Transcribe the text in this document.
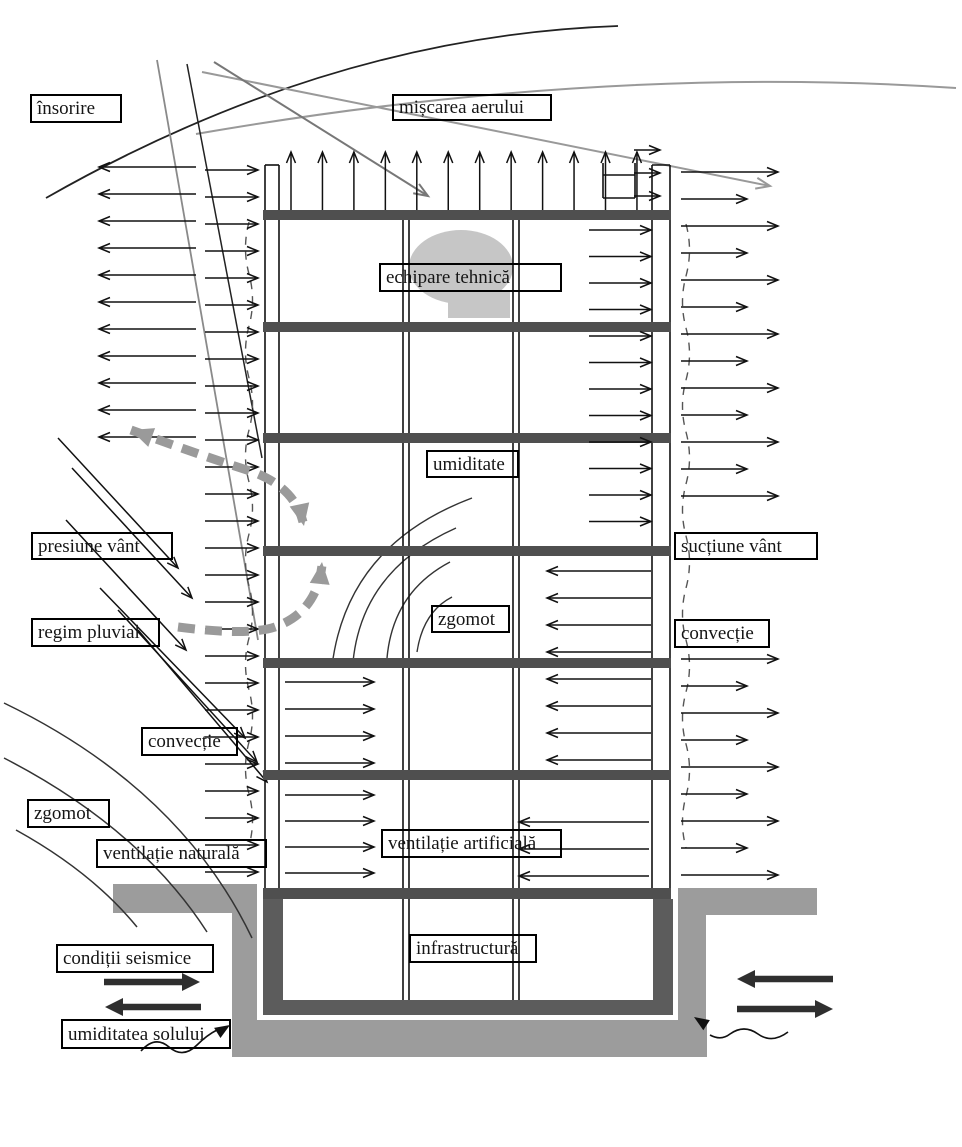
însorire	mișcarea aerului
echipare tehnică
umiditate
presiune vânt	sucțiune vânt
regim pluvial
zgomot
convecție
convecție
zgomot
ventilație naturală	ventilație artificială
infrastructură
condiții seismice
umiditatea solului
